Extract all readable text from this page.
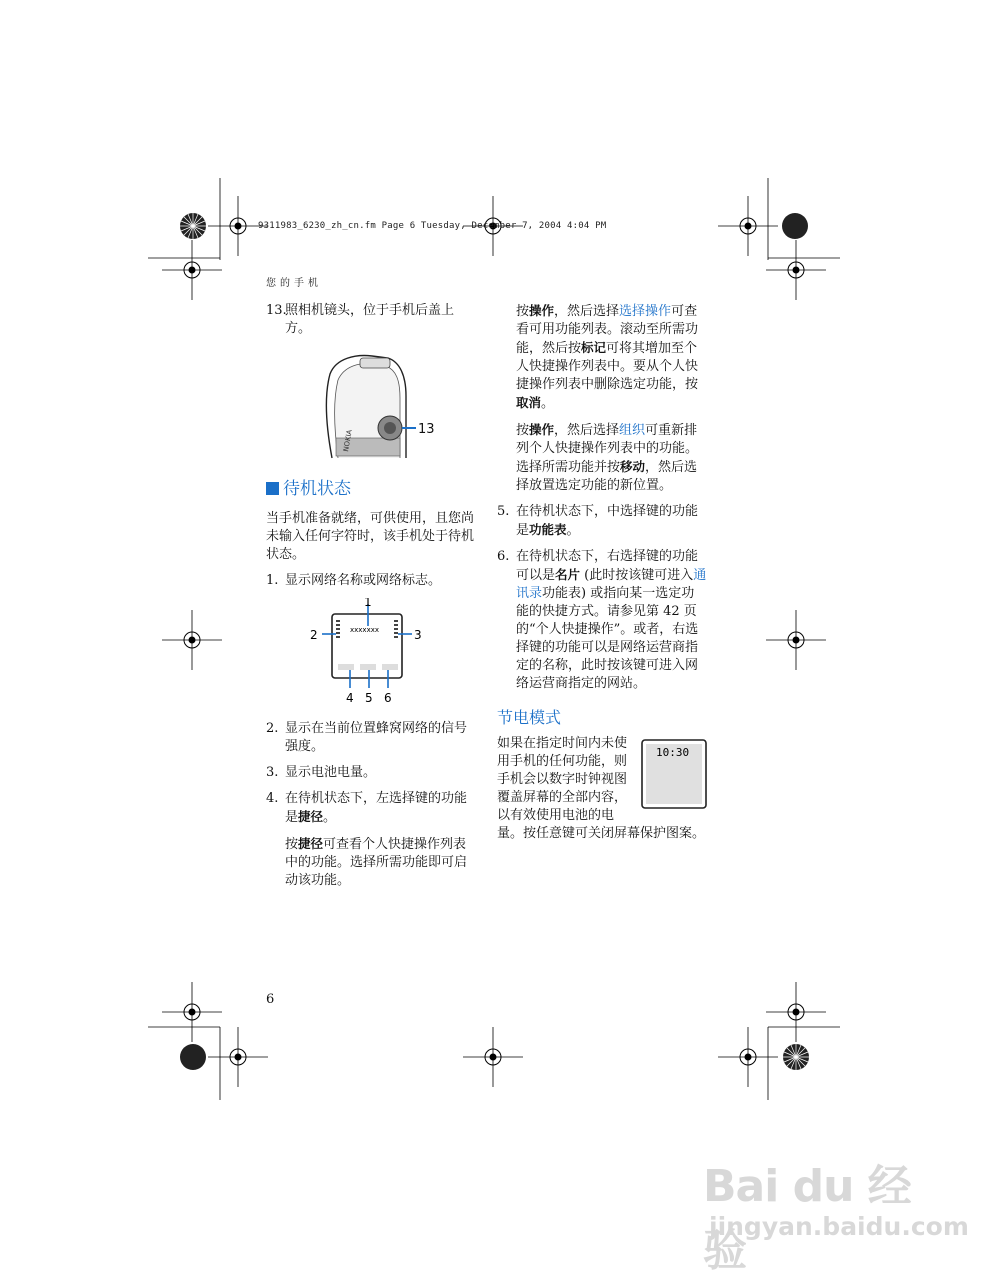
9311983_6230_zh_cn.fm Page 6 Tuesday, December 7, 2004 4:04 PM
您的手机
13.
照相机镜头，位于手机后盖上方。
NOKIA	13
待机状态

当手机准备就绪，可供使用，且您尚未输入任何字符时，该手机处于待机状态。

1. 显示网络名称或网络标志。
1
xxxxxxx
2	3
4 5 6
2. 显示在当前位置蜂窝网络的信号强度。
3. 显示电池电量。
4. 在待机状态下，左选择键的功能是捷径。
按捷径可查看个人快捷操作列表中的功能。选择所需功能即可启动该功能。
按操作，然后选择选择操作可查看可用功能列表。滚动至所需功能，然后按标记可将其增加至个人快捷操作列表中。要从个人快捷操作列表中删除选定功能，按取消。
按操作，然后选择组织可重新排列个人快捷操作列表中的功能。选择所需功能并按移动，然后选择放置选定功能的新位置。
5. 在待机状态下，中选择键的功能是功能表。
6. 在待机状态下，右选择键的功能可以是名片 (此时按该键可进入通讯录功能表) 或指向某一选定功能的快捷方式。请参见第 42 页的“个人快捷操作”。或者，右选择键的功能可以是网络运营商指定的名称，此时按该键可进入网络运营商指定的网站。
节电模式
10:30
如果在指定时间内未使用手机的任何功能，则手机会以数字时钟视图覆盖屏幕的全部内容，以有效使用电池的电量。按任意键可关闭屏幕保护图案。
6
Bai du 经验
jingyan.baidu.com
